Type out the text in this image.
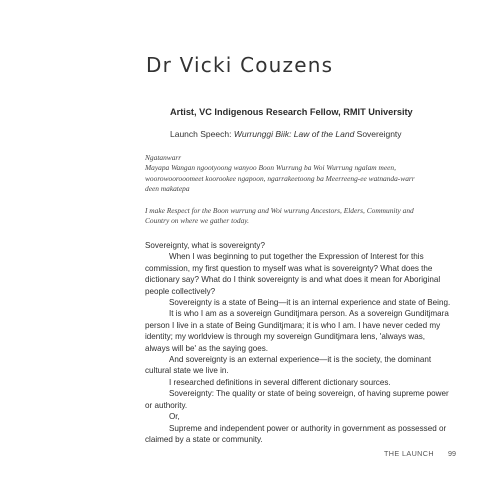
Dr Vicki Couzens
Artist, VC Indigenous Research Fellow, RMIT University
Launch Speech: Wurrunggi Biik: Law of the Land Sovereignty
Ngatanwarr
Mayapa Wangan ngootyoong wanyoo Boon Wurrung ba Woi Wurrung ngalam meen,
woorowoorooomeet koorookee ngapoon, ngarrakeetoong ba Meerreeng-ee watnanda-warr
deen makatepa
I make Respect for the Boon wurrung and Woi wurrung Ancestors, Elders, Community and
Country on where we gather today.
Sovereignty, what is sovereignty?
When I was beginning to put together the Expression of Interest for this
commission, my first question to myself was what is sovereignty? What does the
dictionary say? What do I think sovereignty is and what does it mean for Aboriginal
people collectively?
Sovereignty is a state of Being—it is an internal experience and state of Being.
It is who I am as a sovereign Gunditjmara person. As a sovereign Gunditjmara
person I live in a state of Being Gunditjmara; it is who I am. I have never ceded my
identity; my worldview is through my sovereign Gunditjmara lens, 'always was,
always will be' as the saying goes.
And sovereignty is an external experience—it is the society, the dominant
cultural state we live in.
I researched definitions in several different dictionary sources.
Sovereignty: The quality or state of being sovereign, of having supreme power
or authority.
Or,
Supreme and independent power or authority in government as possessed or
claimed by a state or community.
THE LAUNCH 99
